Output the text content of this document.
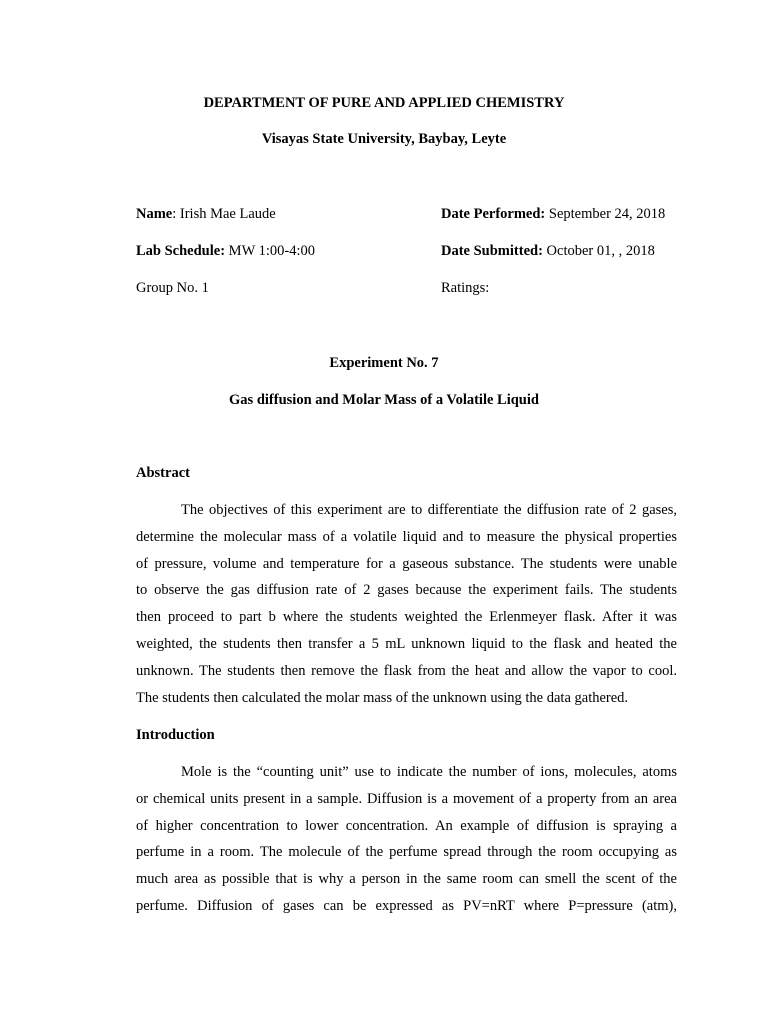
DEPARTMENT OF PURE AND APPLIED CHEMISTRY
Visayas State University, Baybay, Leyte
Name: Irish Mae Laude
Lab Schedule: MW 1:00-4:00
Group No. 1
Date Performed: September 24, 2018
Date Submitted: October 01, , 2018
Ratings:
Experiment No. 7
Gas diffusion and Molar Mass of a Volatile Liquid
Abstract
The objectives of this experiment are to differentiate the diffusion rate of 2 gases,
determine the molecular mass of a volatile liquid and to measure the physical properties
of pressure, volume and temperature for a gaseous substance. The students were unable
to observe the gas diffusion rate of 2 gases because the experiment fails. The students
then proceed to part b where the students weighted the Erlenmeyer flask. After it was
weighted, the students then transfer a 5 mL unknown liquid to the flask and heated the
unknown. The students then remove the flask from the heat and allow the vapor to cool.
The students then calculated the molar mass of the unknown using the data gathered.
Introduction
Mole is the “counting unit” use to indicate the number of ions, molecules, atoms
or chemical units present in a sample. Diffusion is a movement of a property from an area
of higher concentration to lower concentration. An example of diffusion is spraying a
perfume in a room. The molecule of the perfume spread through the room occupying as
much area as possible that is why a person in the same room can smell the scent of the
perfume. Diffusion of gases can be expressed as PV=nRT where P=pressure (atm),
